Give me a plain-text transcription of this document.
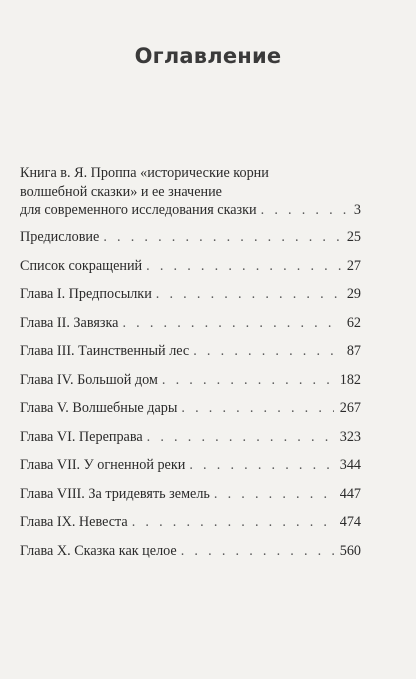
Оглавление
Книга в. Я. Проппа «исторические корни
волшебной сказки» и ее значение
для современного исследования сказки . . .	3
Предисловие . . .	25
Список сокращений . . .	27
Глава I. Предпосылки . . .	29
Глава II. Завязка . . .	62
Глава III. Таинственный лес . . .	87
Глава IV. Большой дом . . .	182
Глава V. Волшебные дары . . .	267
Глава VI. Переправа . . .	323
Глава VII. У огненной реки . . .	344
Глава VIII. За тридевять земель . . .	447
Глава IX. Невеста . . .	474
Глава X. Сказка как целое . . .	560
